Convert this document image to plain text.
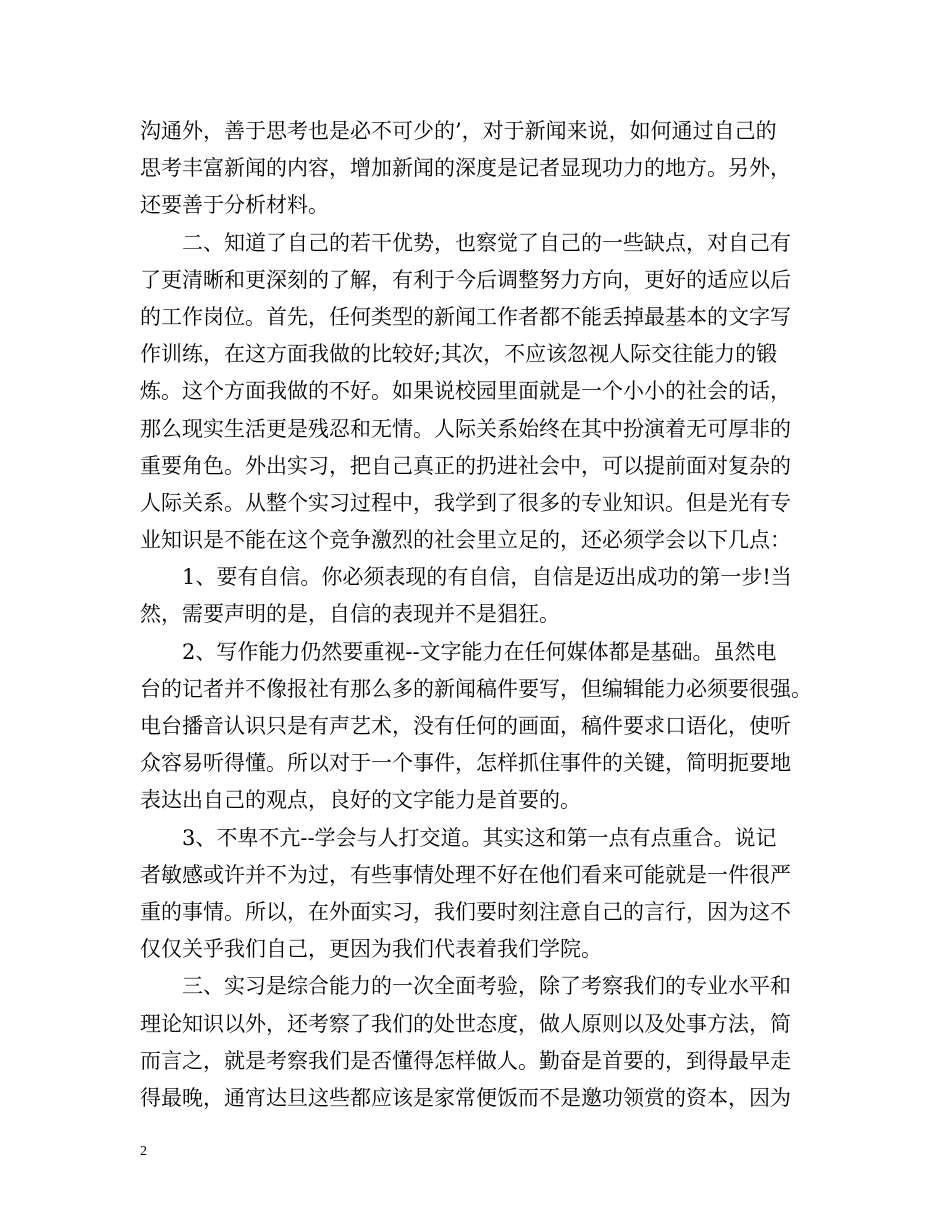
沟通外，善于思考也是必不可少的’，对于新闻来说，如何通过自己的
思考丰富新闻的内容，增加新闻的深度是记者显现功力的地方。另外，
还要善于分析材料。
　　二、知道了自己的若干优势，也察觉了自己的一些缺点，对自己有
了更清晰和更深刻的了解，有利于今后调整努力方向，更好的适应以后
的工作岗位。首先，任何类型的新闻工作者都不能丢掉最基本的文字写
作训练，在这方面我做的比较好;其次，不应该忽视人际交往能力的锻
炼。这个方面我做的不好。如果说校园里面就是一个小小的社会的话，
那么现实生活更是残忍和无情。人际关系始终在其中扮演着无可厚非的
重要角色。外出实习，把自己真正的扔进社会中，可以提前面对复杂的
人际关系。从整个实习过程中，我学到了很多的专业知识。但是光有专
业知识是不能在这个竞争激烈的社会里立足的，还必须学会以下几点：
　　1、要有自信。你必须表现的有自信，自信是迈出成功的第一步!当
然，需要声明的是，自信的表现并不是猖狂。
　　2、写作能力仍然要重视--文字能力在任何媒体都是基础。虽然电
台的记者并不像报社有那么多的新闻稿件要写，但编辑能力必须要很强。
电台播音认识只是有声艺术，没有任何的画面，稿件要求口语化，使听
众容易听得懂。所以对于一个事件，怎样抓住事件的关键，简明扼要地
表达出自己的观点，良好的文字能力是首要的。
　　3、不卑不亢--学会与人打交道。其实这和第一点有点重合。说记
者敏感或许并不为过，有些事情处理不好在他们看来可能就是一件很严
重的事情。所以，在外面实习，我们要时刻注意自己的言行，因为这不
仅仅关乎我们自己，更因为我们代表着我们学院。
　　三、实习是综合能力的一次全面考验，除了考察我们的专业水平和
理论知识以外，还考察了我们的处世态度，做人原则以及处事方法，简
而言之，就是考察我们是否懂得怎样做人。勤奋是首要的，到得最早走
得最晚，通宵达旦这些都应该是家常便饭而不是邀功领赏的资本，因为
2
